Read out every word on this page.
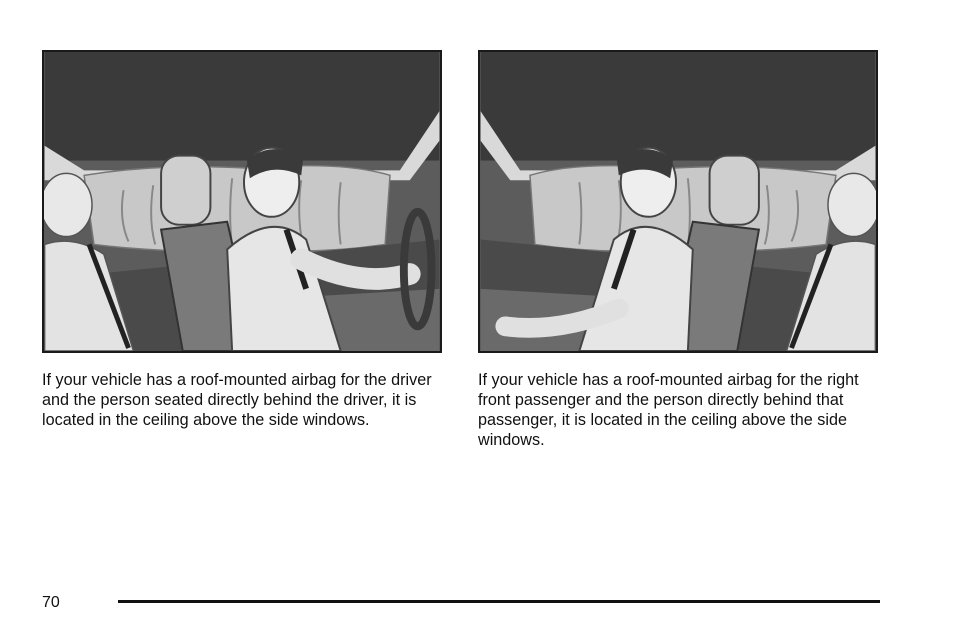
If your vehicle has a roof-mounted airbag for the driver and the person seated directly behind the driver, it is located in the ceiling above the side windows.

If your vehicle has a roof-mounted airbag for the right front passenger and the person directly behind that passenger, it is located in the ceiling above the side windows.

70
